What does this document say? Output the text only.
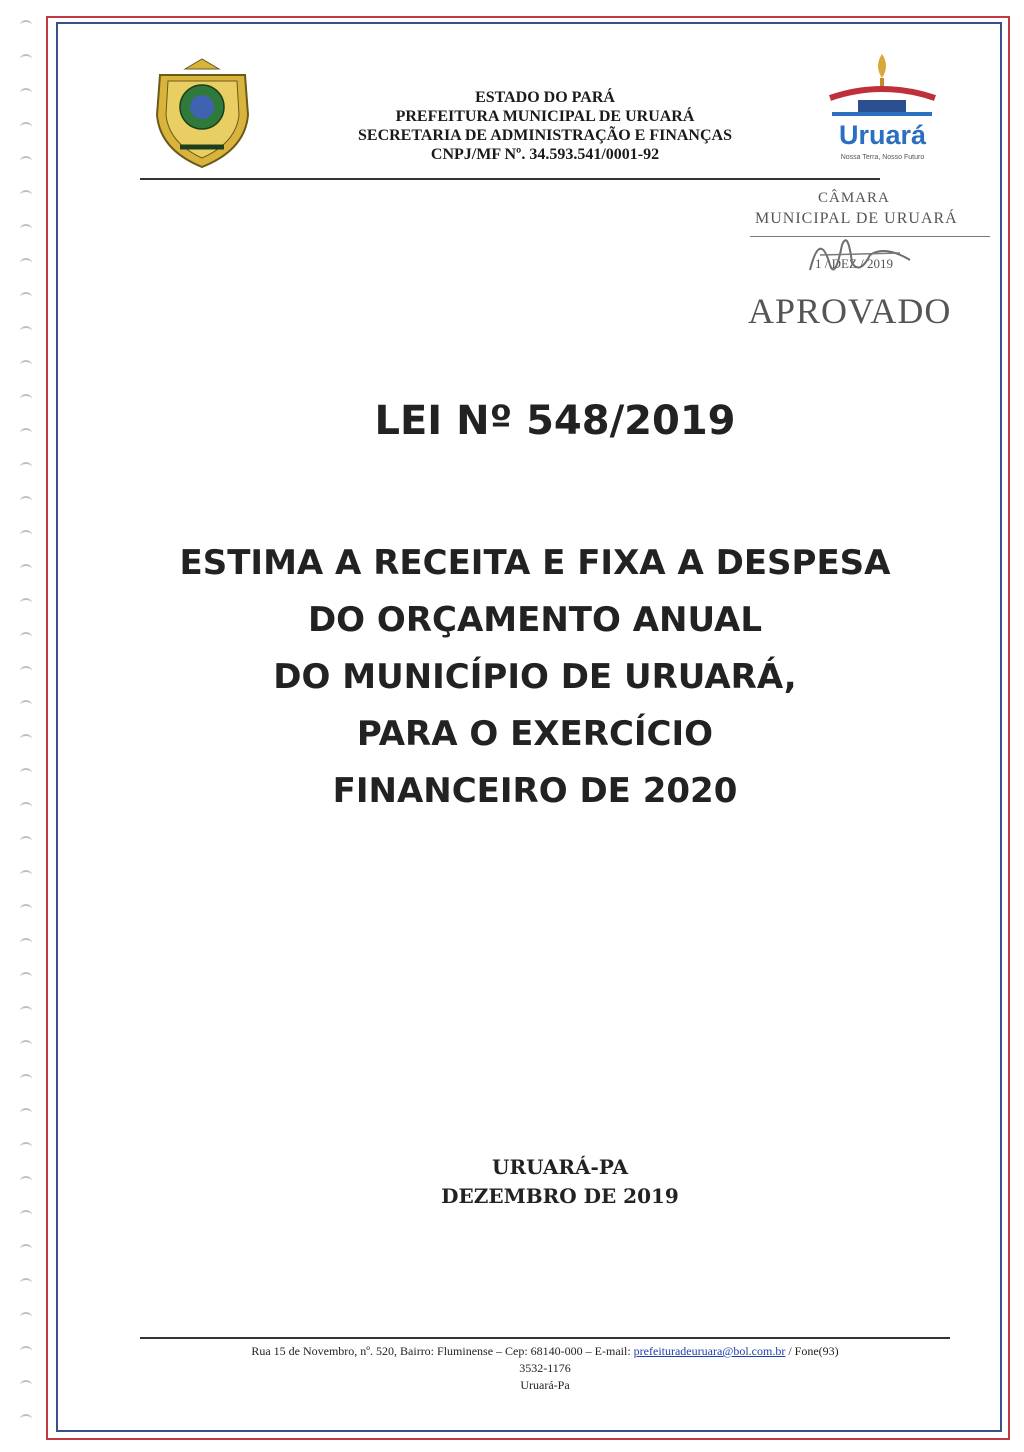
ESTADO DO PARÁ
PREFEITURA MUNICIPAL DE URUARÁ
SECRETARIA DE ADMINISTRAÇÃO E FINANÇAS
CNPJ/MF Nº. 34.593.541/0001-92
Uruará
Nossa Terra, Nosso Futuro
CÂMARA
MUNICIPAL DE URUARÁ
1 / DEZ / 2019
APROVADO
LEI Nº 548/2019
ESTIMA A RECEITA E FIXA A DESPESA
DO ORÇAMENTO ANUAL
DO MUNICÍPIO DE URUARÁ,
PARA O EXERCÍCIO
FINANCEIRO DE 2020
URUARÁ-PA
DEZEMBRO DE 2019
Rua 15 de Novembro, nº. 520, Bairro: Fluminense – Cep: 68140-000 – E-mail: prefeituradeuruara@bol.com.br / Fone(93)
3532-1176
Uruará-Pa
